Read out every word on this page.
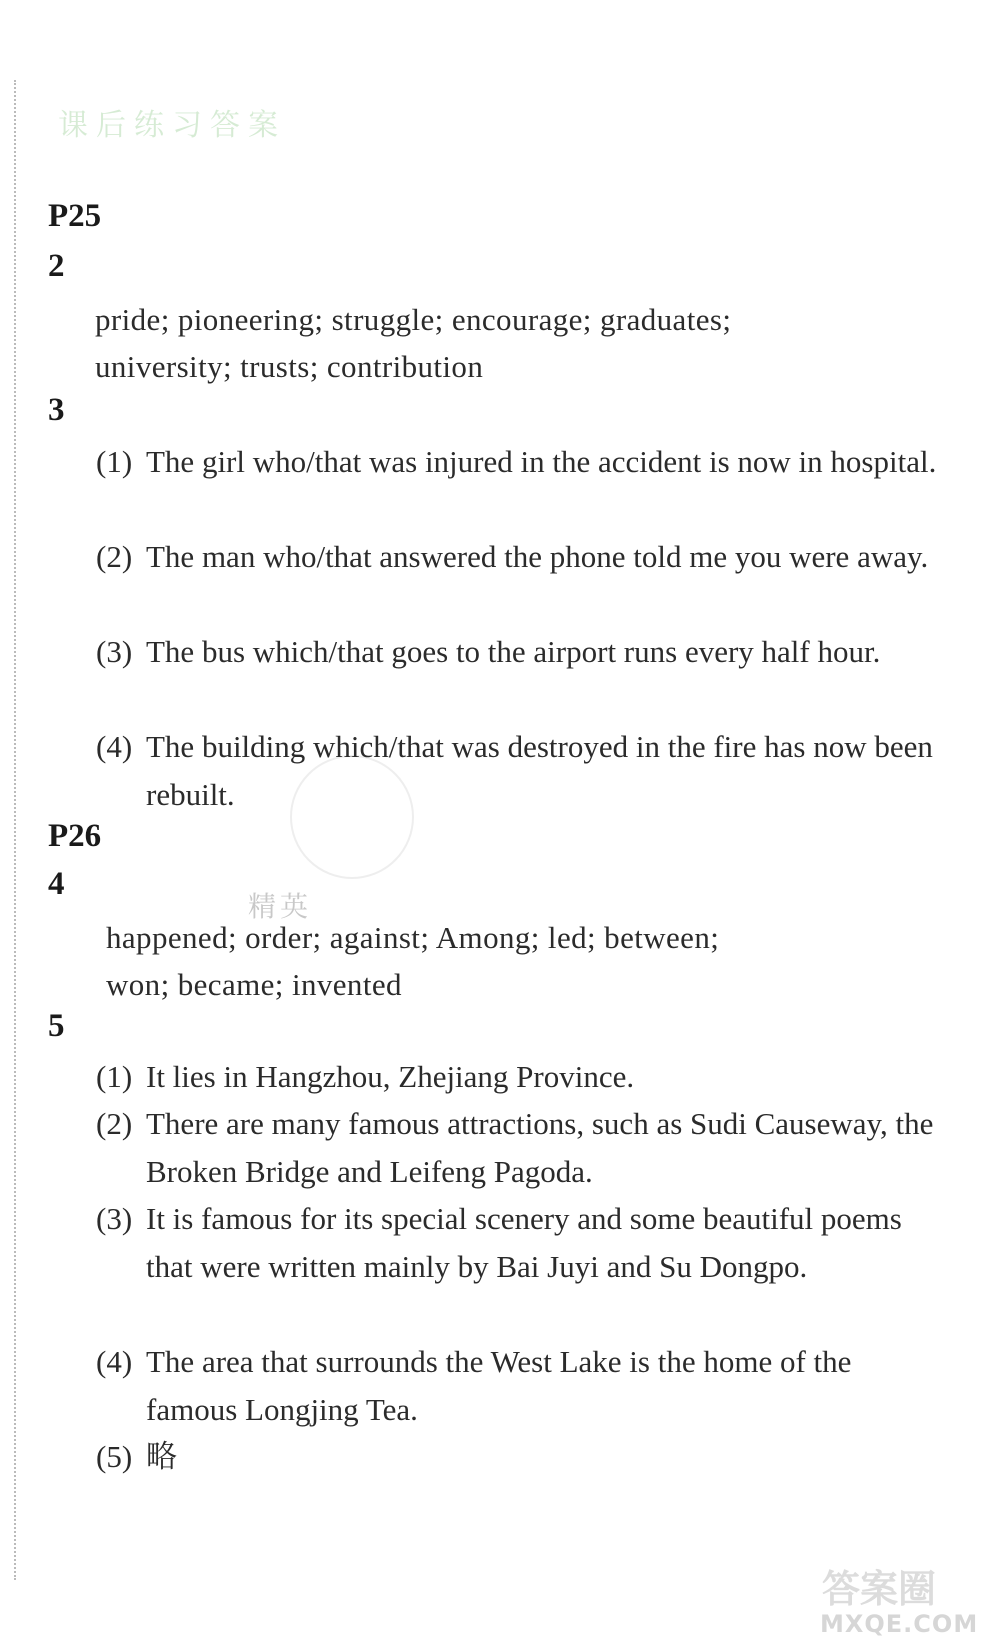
课后练习答案
精英
P25
2
pride; pioneering; struggle; encourage; graduates;
university; trusts; contribution
3
(1) The girl who/that was injured in the accident is now in hospital.
(2) The man who/that answered the phone told me you were away.
(3) The bus which/that goes to the airport runs every half hour.
(4) The building which/that was destroyed in the fire has now been rebuilt.
P26
4
happened; order; against; Among; led; between;
won; became; invented
5
(1) It lies in Hangzhou, Zhejiang Province.
(2) There are many famous attractions, such as Sudi Causeway, the Broken Bridge and Leifeng Pagoda.
(3) It is famous for its special scenery and some beautiful poems that were written mainly by Bai Juyi and Su Dongpo.
(4) The area that surrounds the West Lake is the home of the famous Longjing Tea.
(5) 略
答案圈
MXQE.COM
